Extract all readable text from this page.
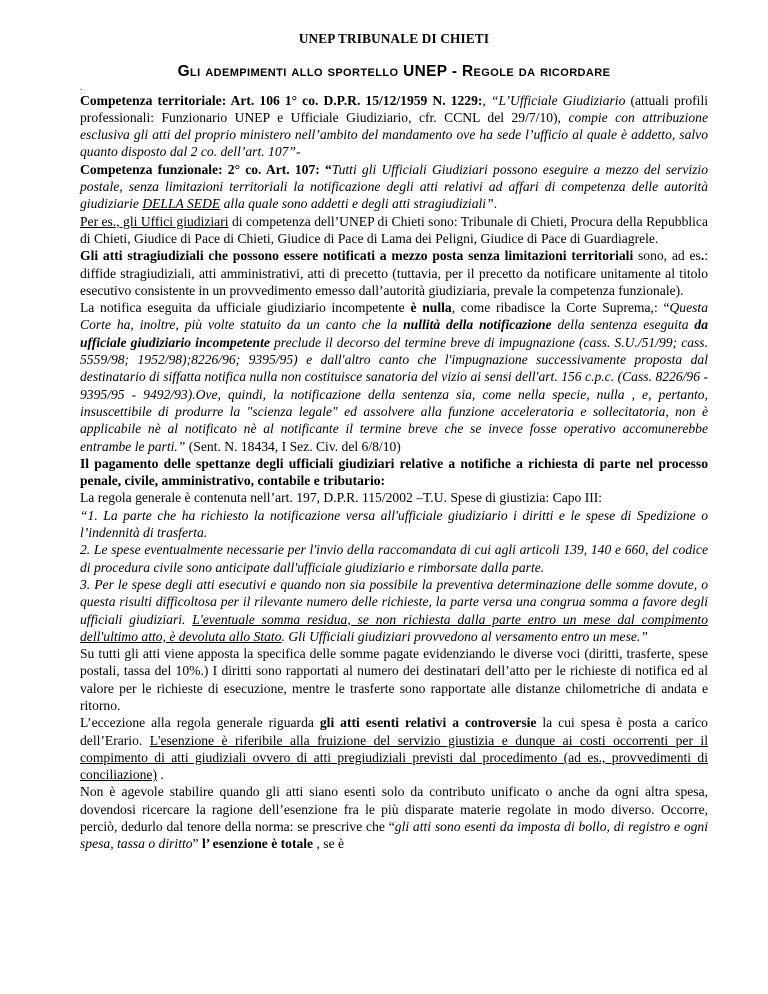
UNEP TRIBUNALE DI CHIETI
Gli adempimenti allo sportello UNEP - Regole da ricordare
.

Competenza territoriale: Art. 106 1° co. D.P.R. 15/12/1959 N. 1229:, “L’Ufficiale Giudiziario (attuali profili professionali: Funzionario UNEP e Ufficiale Giudiziario, cfr. CCNL del 29/7/10), compie con attribuzione esclusiva gli atti del proprio ministero nell’ambito del mandamento ove ha sede l’ufficio al quale è addetto, salvo quanto disposto dal 2 co. dell’art. 107”-

Competenza funzionale: 2° co. Art. 107: “Tutti gli Ufficiali Giudiziari possono eseguire a mezzo del servizio postale, senza limitazioni territoriali la notificazione degli atti relativi ad affari di competenza delle autorità giudiziarie DELLA SEDE alla quale sono addetti e degli atti stragiudiziali”.

Per es., gli Uffici giudiziari di competenza dell’UNEP di Chieti sono: Tribunale di Chieti, Procura della Repubblica di Chieti, Giudice di Pace di Chieti, Giudice di Pace di Lama dei Peligni, Giudice di Pace di Guardiagrele.

Gli atti stragiudiziali che possono essere notificati a mezzo posta senza limitazioni territoriali sono, ad es.: diffide stragiudiziali, atti amministrativi, atti di precetto (tuttavia, per il precetto da notificare unitamente al titolo esecutivo consistente in un provvedimento emesso dall’autorità giudiziaria, prevale la competenza funzionale).

La notifica eseguita da ufficiale giudiziario incompetente è nulla, come ribadisce la Corte Suprema,: “Questa Corte ha, inoltre, più volte statuito da un canto che la nullità della notificazione della sentenza eseguita da ufficiale giudiziario incompetente preclude il decorso del termine breve di impugnazione (cass. S.U./51/99; cass. 5559/98; 1952/98);8226/96; 9395/95) e dall'altro canto che l'impugnazione successivamente proposta dal destinatario di siffatta notifica nulla non costituisce sanatoria del vizio ai sensi dell'art. 156 c.p.c. (Cass. 8226/96 - 9395/95 - 9492/93).Ove, quindi, la notificazione della sentenza sia, come nella specie, nulla , e, pertanto, insuscettibile di produrre la "scienza legale" ed assolvere alla funzione acceleratoria e sollecitatoria, non è applicabile nè al notificato nè al notificante il termine breve che se invece fosse operativo accomunerebbe entrambe le parti.” (Sent. N. 18434, I Sez. Civ. del 6/8/10)

Il pagamento delle spettanze degli ufficiali giudiziari relative a notifiche a richiesta di parte nel processo penale, civile, amministrativo, contabile e tributario:

La regola generale è contenuta nell’art. 197, D.P.R. 115/2002 –T.U. Spese di giustizia: Capo III:

“1. La parte che ha richiesto la notificazione versa all'ufficiale giudiziario i diritti e le spese di Spedizione o l’indennità di trasferta.

2. Le spese eventualmente necessarie per l'invio della raccomandata di cui agli articoli 139, 140 e 660, del codice di procedura civile sono anticipate dall'ufficiale giudiziario e rimborsate dalla parte.

3. Per le spese degli atti esecutivi e quando non sia possibile la preventiva determinazione delle somme dovute, o questa risulti difficoltosa per il rilevante numero delle richieste, la parte versa una congrua somma a favore degli ufficiali giudiziari. L'eventuale somma residua, se non richiesta dalla parte entro un mese dal compimento dell'ultimo atto, è devoluta allo Stato. Gli Ufficiali giudiziari provvedono al versamento entro un mese.”

Su tutti gli atti viene apposta la specifica delle somme pagate evidenziando le diverse voci (diritti, trasferte, spese postali, tassa del 10%.) I diritti sono rapportati al numero dei destinatari dell’atto per le richieste di notifica ed al valore per le richieste di esecuzione, mentre le trasferte sono rapportate alle distanze chilometriche di andata e ritorno.

L’eccezione alla regola generale riguarda gli atti esenti relativi a controversie la cui spesa è posta a carico dell’Erario. L'esenzione è riferibile alla fruizione del servizio giustizia e dunque ai costi occorrenti per il compimento di atti giudiziali ovvero di atti pregiudiziali previsti dal procedimento (ad es., provvedimenti di conciliazione) .

Non è agevole stabilire quando gli atti siano esenti solo da contributo unificato o anche da ogni altra spesa, dovendosi ricercare la ragione dell’esenzione fra le più disparate materie regolate in modo diverso. Occorre, perciò, dedurlo dal tenore della norma: se prescrive che “gli atti sono esenti da imposta di bollo, di registro e ogni spesa, tassa o diritto” l’ esenzione è totale , se è
